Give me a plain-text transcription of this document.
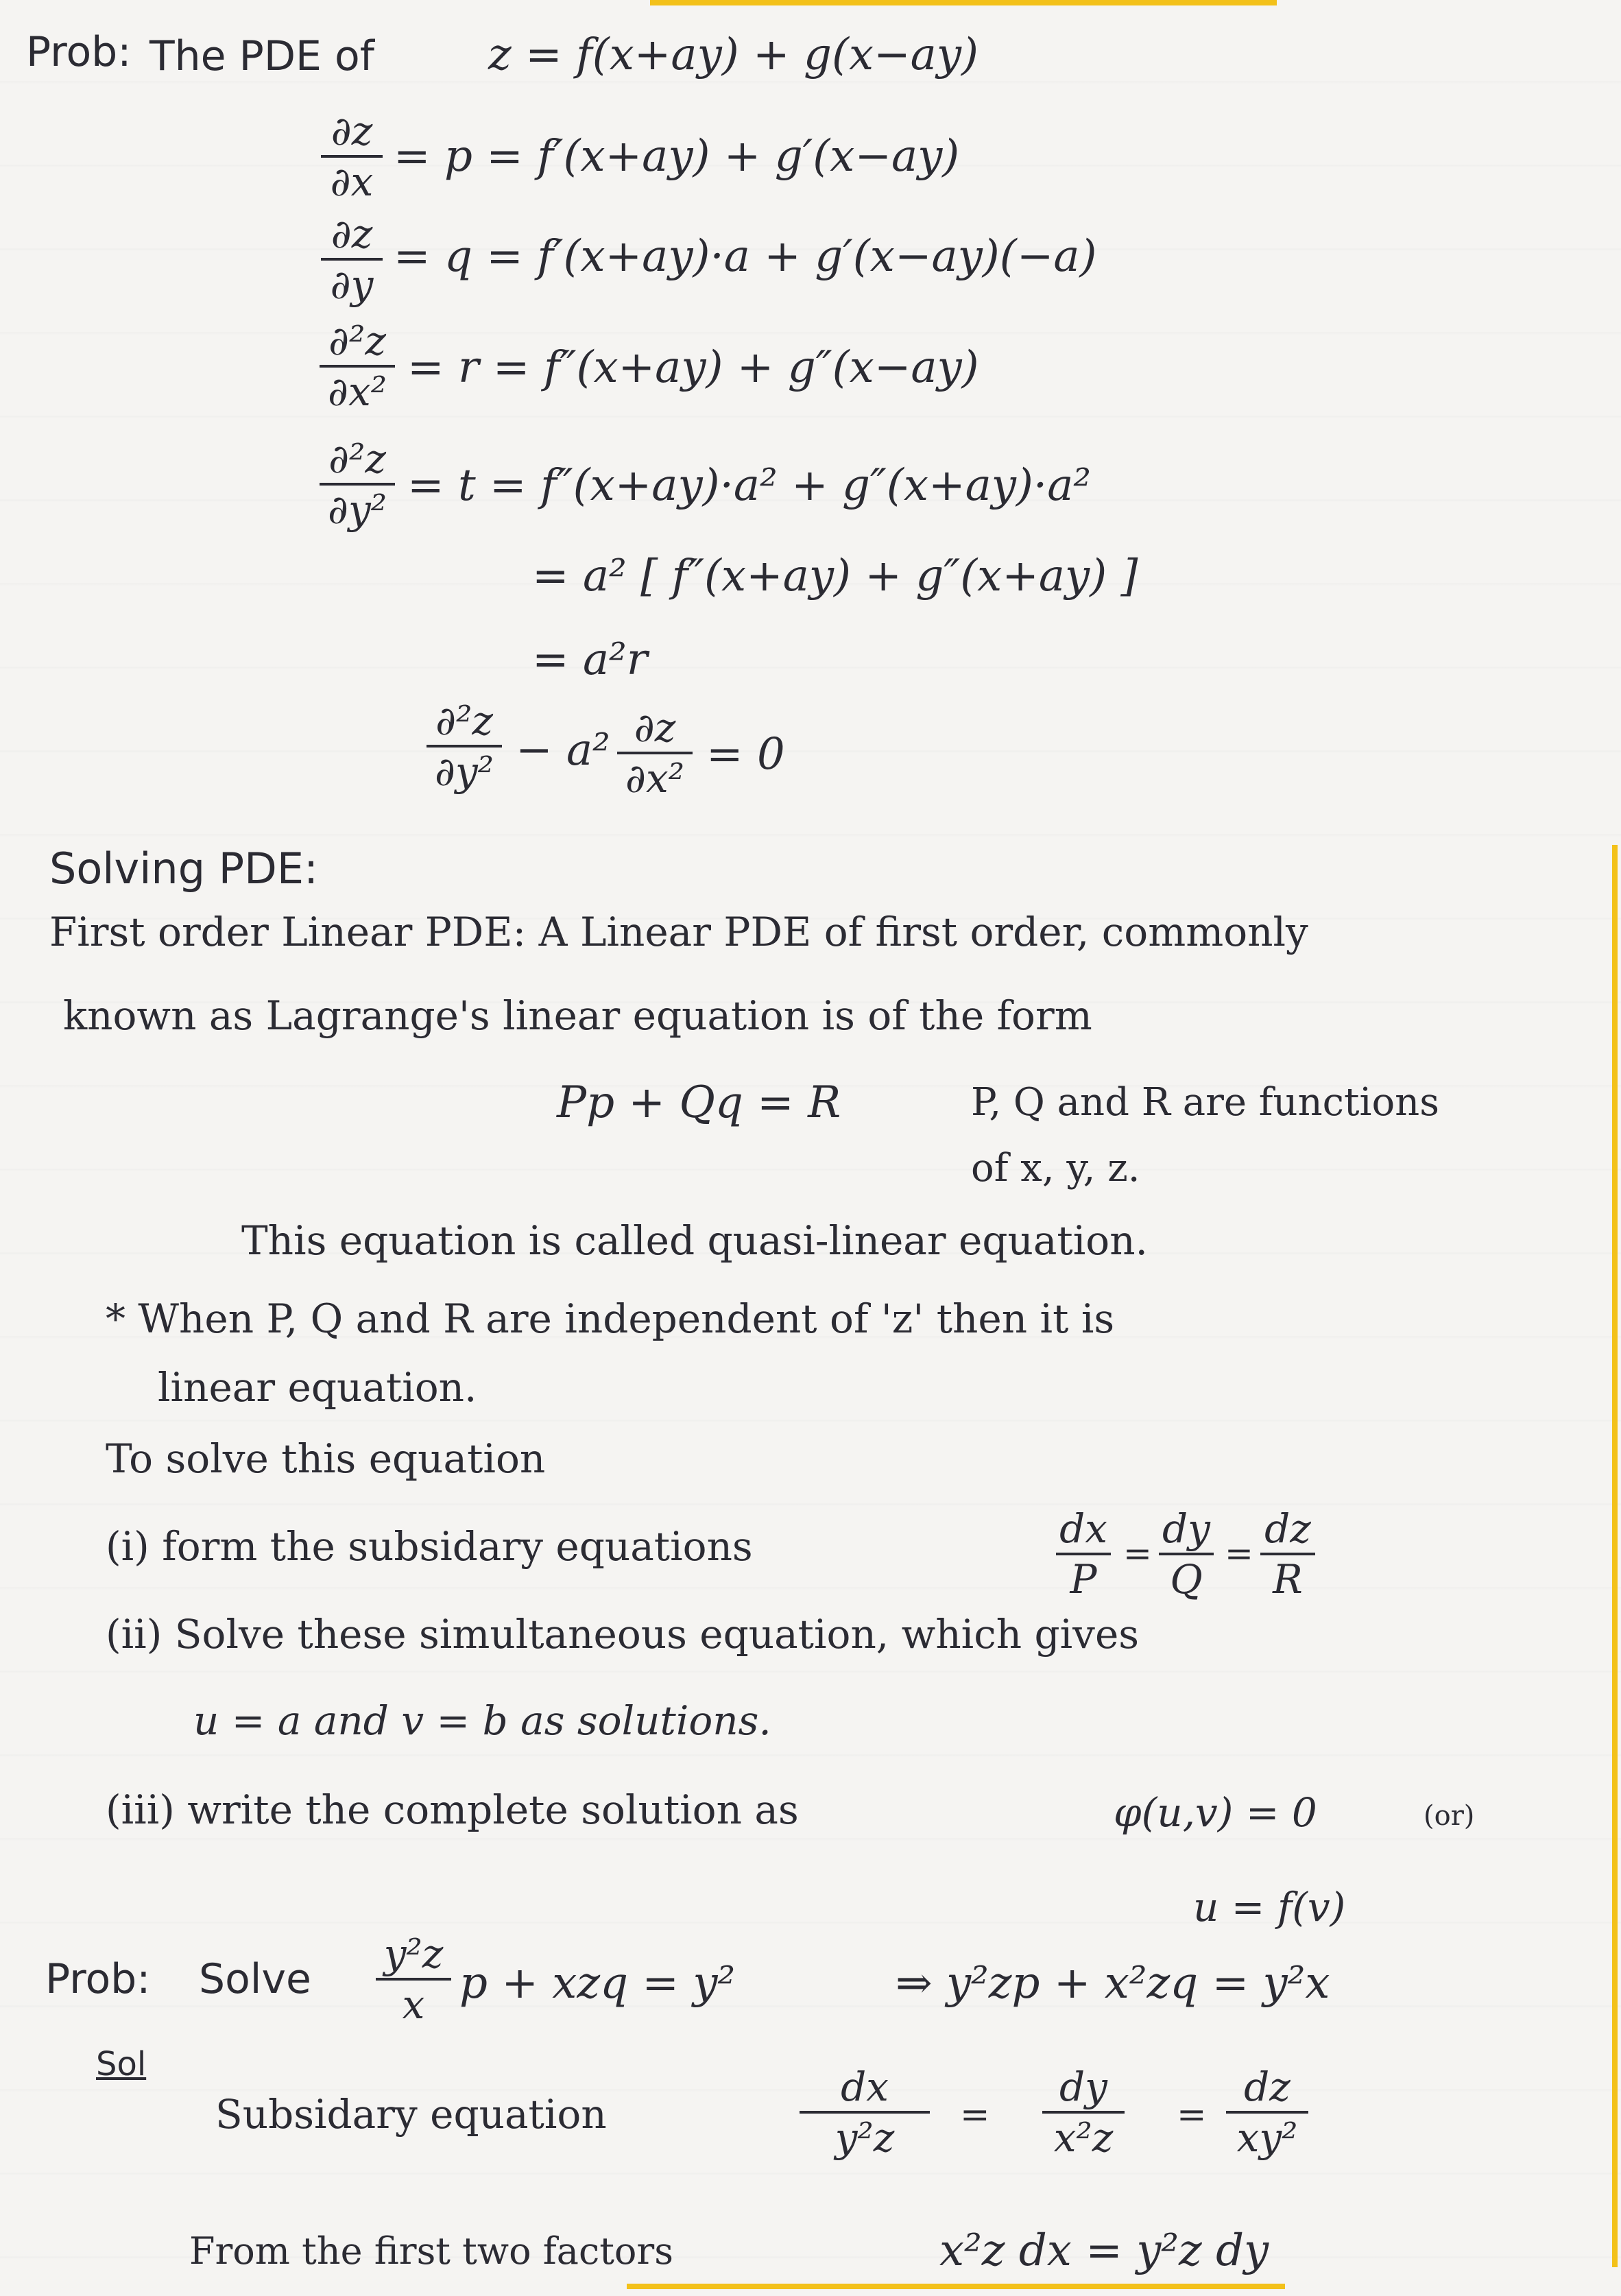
Prob: The PDE of	z = f(x+ay) + g(x−ay)
∂z
∂x = p = f′(x+ay) + g′(x−ay)
∂z
∂y
= q = f′(x+ay)·a + g′(x−ay)(−a)
∂²z
∂x² = r = f″(x+ay) + g″(x−ay)
∂²z
∂y² = t = f″(x+ay)·a² + g″(x+ay)·a²
= a² [ f″(x+ay) + g″(x+ay) ]
= a²r
∂²z
∂y² − a² ∂z
∂x² = 0
Solving PDE:
First order Linear PDE: A Linear PDE of first order, commonly
known as Lagrange's linear equation is of the form
Pp + Qq = R	P, Q and R are functions
of x, y, z.
This equation is called quasi-linear equation.
* When P, Q and R are independent of 'z' then it is
linear equation.
To solve this equation
(i) form the subsidary equations	dx
P
=
dy
Q
=
dz
R
(ii) Solve these simultaneous equation, which gives
u = a and v = b as solutions.
(iii) write the complete solution as	φ(u,v) = 0	(or)
u = f(v)
Prob: Solve
y²z
x p + xzq = y²	⇒ y²zp + x²zq = y²x
Sol
Subsidary equation
dx
y²z	=
dy
x²z	=
dz
xy²
From the first two factors	x²z dx = y²z dy
